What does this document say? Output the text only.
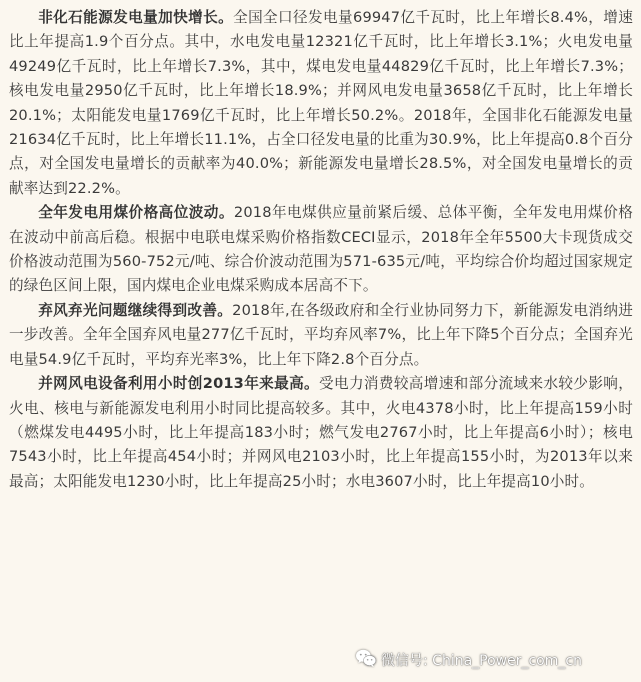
非化石能源发电量加快增长。全国全口径发电量69947亿千瓦时，比上年增长8.4%，增速比上年提高1.9个百分点。其中，水电发电量12321亿千瓦时，比上年增长3.1%；火电发电量49249亿千瓦时，比上年增长7.3%，其中，煤电发电量44829亿千瓦时，比上年增长7.3%；核电发电量2950亿千瓦时，比上年增长18.9%；并网风电发电量3658亿千瓦时，比上年增长20.1%；太阳能发电量1769亿千瓦时，比上年增长50.2%。2018年，全国非化石能源发电量21634亿千瓦时，比上年增长11.1%，占全口径发电量的比重为30.9%，比上年提高0.8个百分点，对全国发电量增长的贡献率为40.0%；新能源发电量增长28.5%，对全国发电量增长的贡献率达到22.2%。

全年发电用煤价格高位波动。2018年电煤供应量前紧后缓、总体平衡，全年发电用煤价格在波动中前高后稳。根据中电联电煤采购价格指数CECI显示，2018年全年5500大卡现货成交价格波动范围为560-752元/吨、综合价波动范围为571-635元/吨，平均综合价均超过国家规定的绿色区间上限，国内煤电企业电煤采购成本居高不下。

弃风弃光问题继续得到改善。2018年,在各级政府和全行业协同努力下，新能源发电消纳进一步改善。全年全国弃风电量277亿千瓦时，平均弃风率7%，比上年下降5个百分点；全国弃光电量54.9亿千瓦时，平均弃光率3%，比上年下降2.8个百分点。

并网风电设备利用小时创2013年来最高。受电力消费较高增速和部分流域来水较少影响，火电、核电与新能源发电利用小时同比提高较多。其中，火电4378小时，比上年提高159小时（燃煤发电4495小时，比上年提高183小时；燃气发电2767小时，比上年提高6小时）；核电7543小时，比上年提高454小时；并网风电2103小时，比上年提高155小时，为2013年以来最高；太阳能发电1230小时，比上年提高25小时；水电3607小时，比上年提高10小时。

微信号: China_Power_com_cn
